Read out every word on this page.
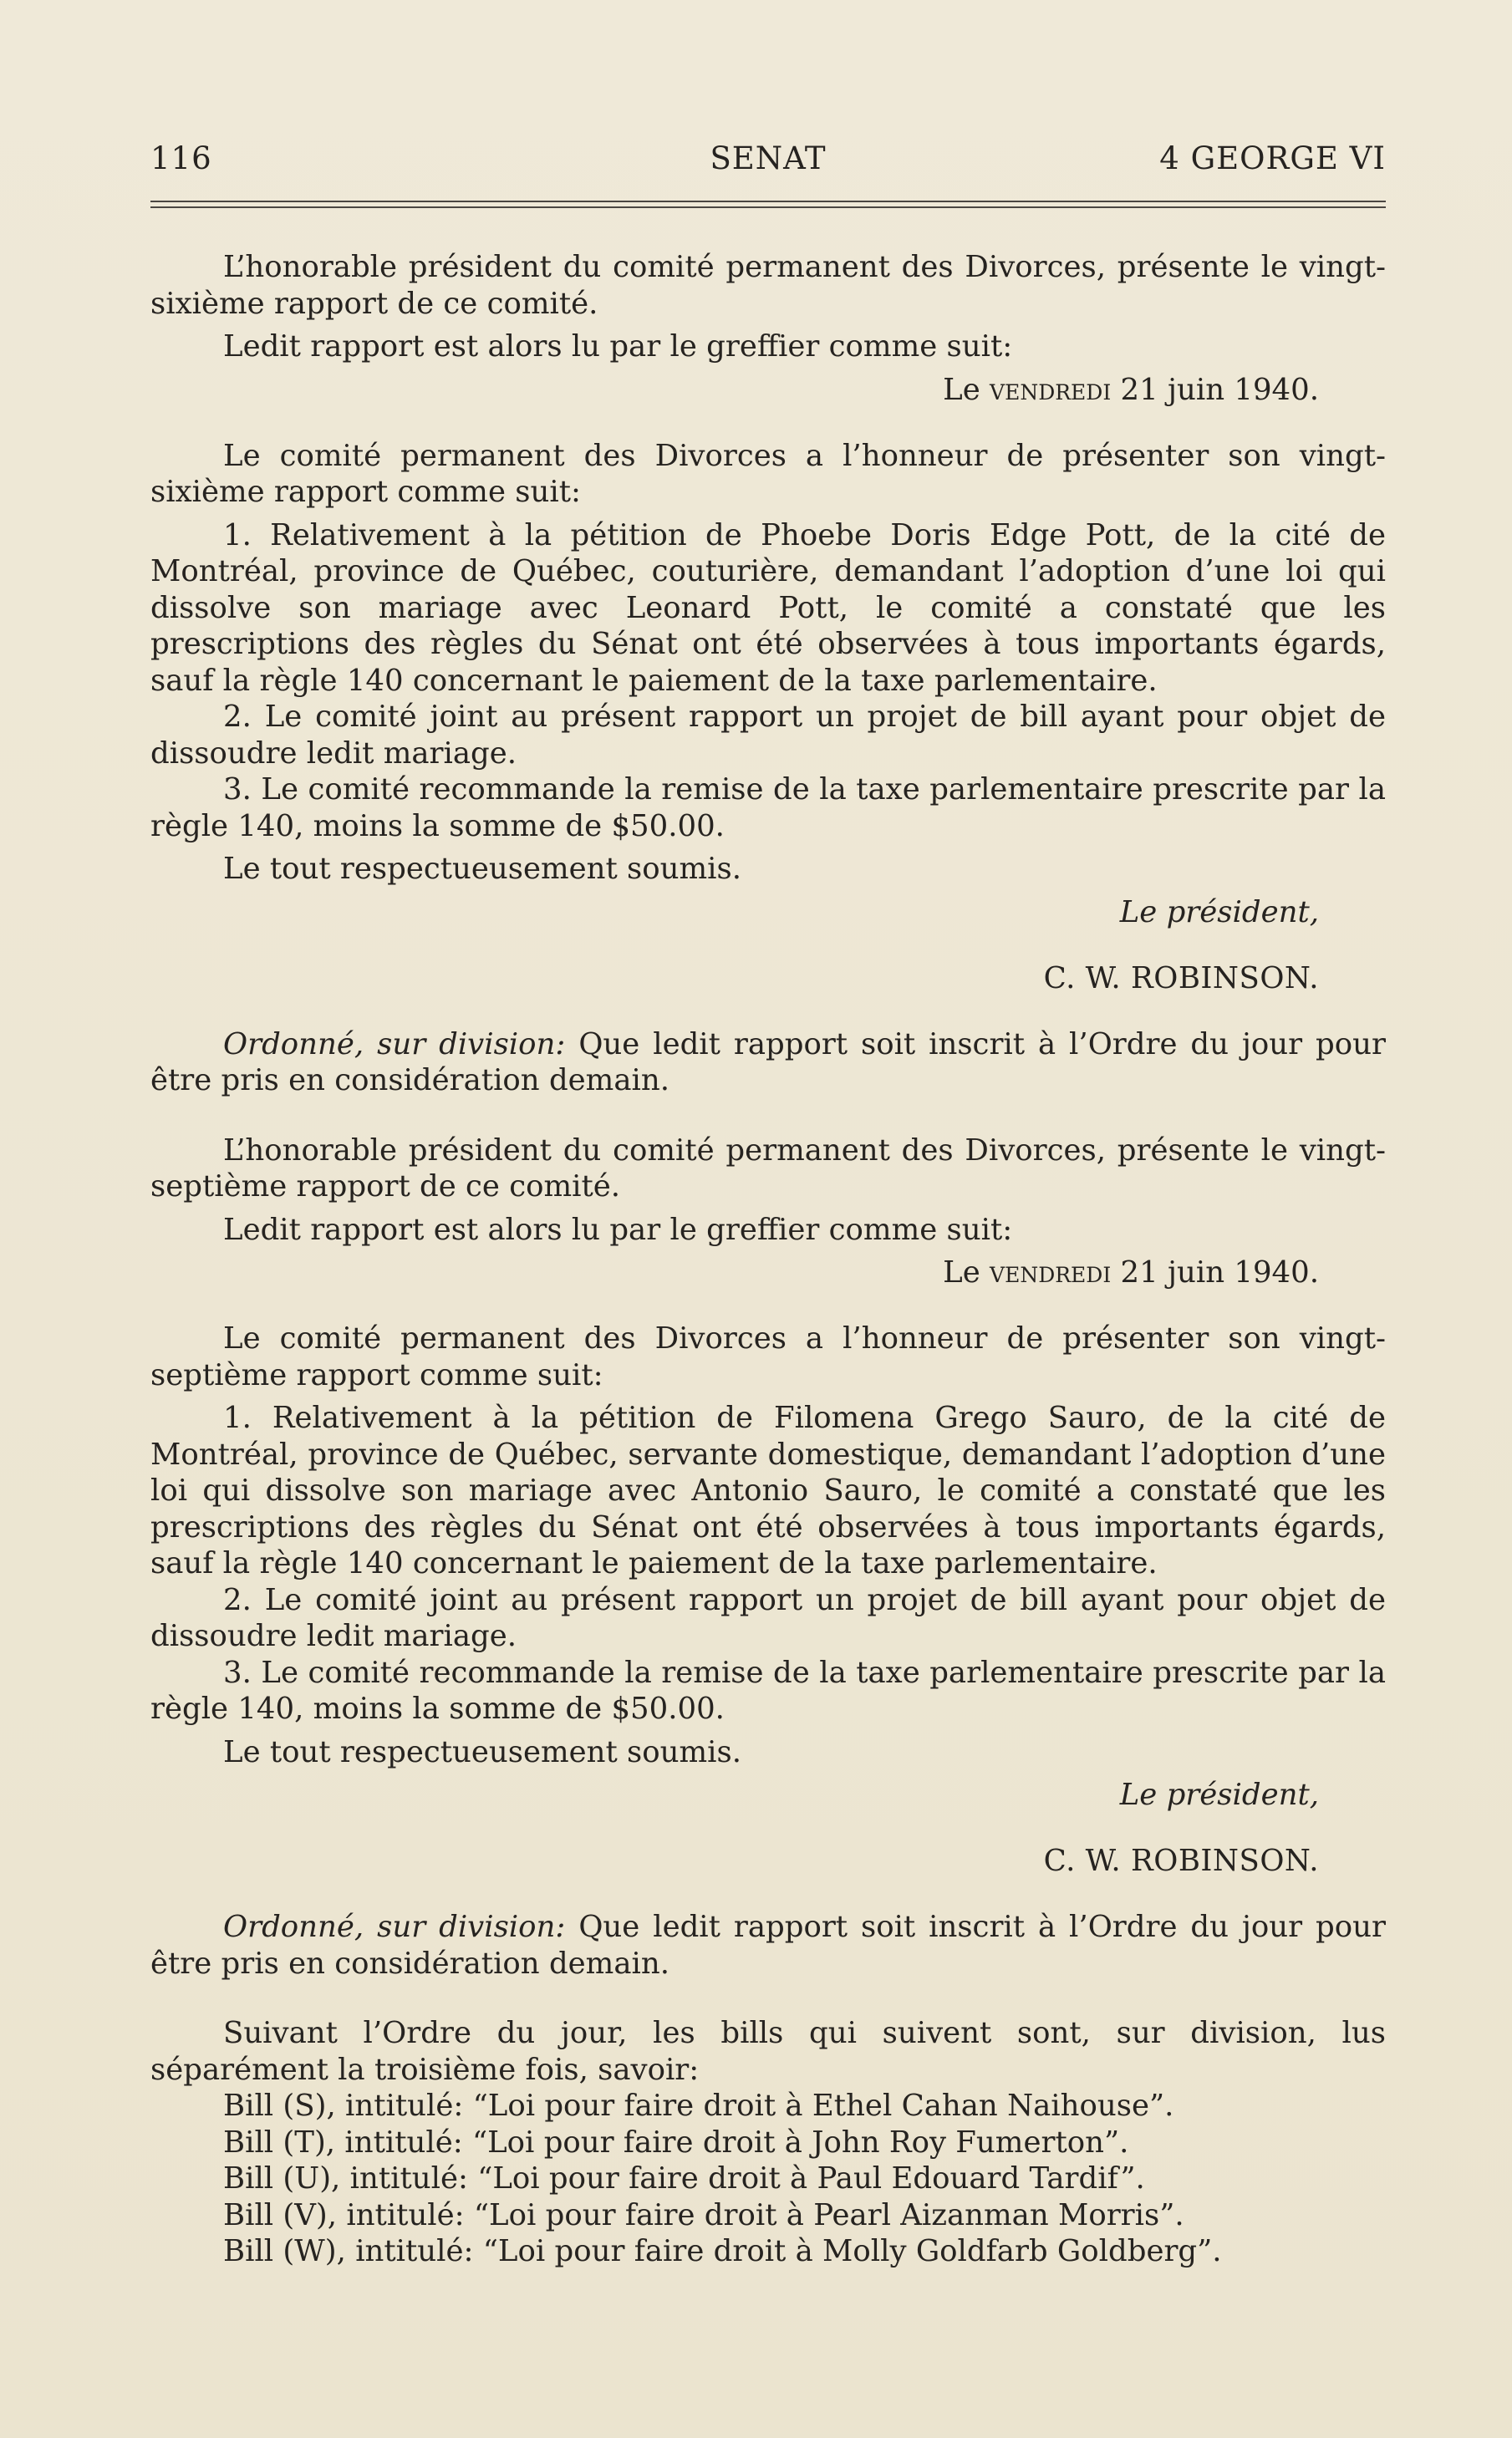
116	SENAT	4 GEORGE VI

L’honorable président du comité permanent des Divorces, présente le vingt-sixième rapport de ce comité.

Ledit rapport est alors lu par le greffier comme suit:

Le vendredi 21 juin 1940.

Le comité permanent des Divorces a l’honneur de présenter son vingt-sixième rapport comme suit:

1. Relativement à la pétition de Phoebe Doris Edge Pott, de la cité de Montréal, province de Québec, couturière, demandant l’adoption d’une loi qui dissolve son mariage avec Leonard Pott, le comité a constaté que les prescriptions des règles du Sénat ont été observées à tous importants égards, sauf la règle 140 concernant le paiement de la taxe parlementaire.

2. Le comité joint au présent rapport un projet de bill ayant pour objet de dissoudre ledit mariage.

3. Le comité recommande la remise de la taxe parlementaire prescrite par la règle 140, moins la somme de $50.00.

Le tout respectueusement soumis.

Le président,

C. W. ROBINSON.

Ordonné, sur division: Que ledit rapport soit inscrit à l’Ordre du jour pour être pris en considération demain.

L’honorable président du comité permanent des Divorces, présente le vingt-septième rapport de ce comité.

Ledit rapport est alors lu par le greffier comme suit:

Le vendredi 21 juin 1940.

Le comité permanent des Divorces a l’honneur de présenter son vingt-septième rapport comme suit:

1. Relativement à la pétition de Filomena Grego Sauro, de la cité de Montréal, province de Québec, servante domestique, demandant l’adoption d’une loi qui dissolve son mariage avec Antonio Sauro, le comité a constaté que les prescriptions des règles du Sénat ont été observées à tous importants égards, sauf la règle 140 concernant le paiement de la taxe parlementaire.

2. Le comité joint au présent rapport un projet de bill ayant pour objet de dissoudre ledit mariage.

3. Le comité recommande la remise de la taxe parlementaire prescrite par la règle 140, moins la somme de $50.00.

Le tout respectueusement soumis.

Le président,

C. W. ROBINSON.

Ordonné, sur division: Que ledit rapport soit inscrit à l’Ordre du jour pour être pris en considération demain.

Suivant l’Ordre du jour, les bills qui suivent sont, sur division, lus séparément la troisième fois, savoir:

Bill (S), intitulé: “Loi pour faire droit à Ethel Cahan Naihouse”.
Bill (T), intitulé: “Loi pour faire droit à John Roy Fumerton”.
Bill (U), intitulé: “Loi pour faire droit à Paul Edouard Tardif”.
Bill (V), intitulé: “Loi pour faire droit à Pearl Aizanman Morris”.
Bill (W), intitulé: “Loi pour faire droit à Molly Goldfarb Goldberg”.
